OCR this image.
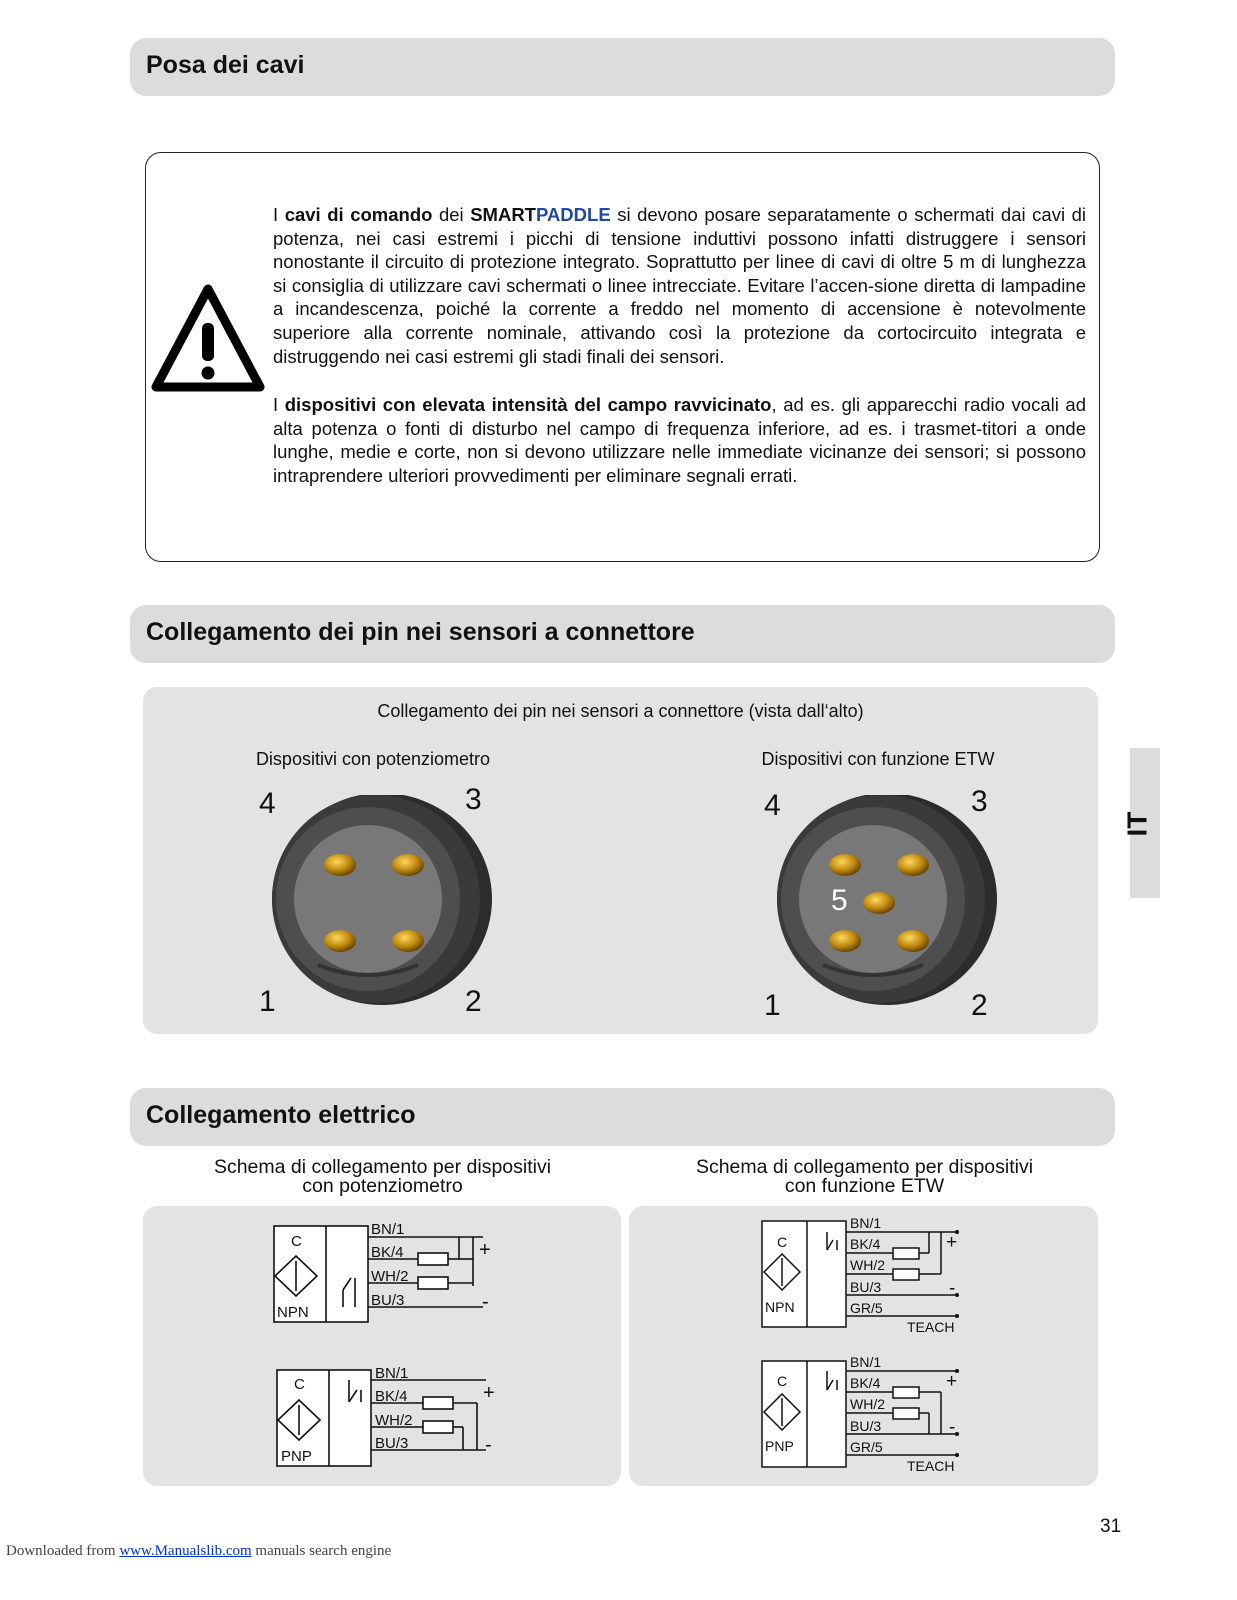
Posa dei cavi
I cavi di comando dei SMARTPADDLE si devono posare separatamente o schermati dai cavi di potenza, nei casi estremi i picchi di tensione induttivi possono infatti distruggere i sensori nonostante il circuito di protezione integrato. Soprattutto per linee di cavi di oltre 5 m di lunghezza si consiglia di utilizzare cavi schermati o linee intrecciate. Evitare l’accen-sione diretta di lampadine a incandescenza, poiché la corrente a freddo nel momento di accensione è notevolmente superiore alla corrente nominale, attivando così la protezione da cortocircuito integrata e distruggendo nei casi estremi gli stadi finali dei sensori.
I dispositivi con elevata intensità del campo ravvicinato, ad es. gli apparecchi radio vocali ad alta potenza o fonti di disturbo nel campo di frequenza inferiore, ad es. i trasmet-titori a onde lunghe, medie e corte, non si devono utilizzare nelle immediate vicinanze dei sensori; si possono intraprendere ulteriori provvedimenti per eliminare segnali errati.
Collegamento dei pin nei sensori a connettore
Collegamento dei pin nei sensori a connettore (vista dall‘alto)
Dispositivi con potenziometro	Dispositivi con funzione ETW
4	3
1	2
4	3
5
1	2
Collegamento elettrico
Schema di collegamento per dispositivi
con potenziometro
Schema di collegamento per dispositivi
con funzione ETW
C
NPN
BN/1
BK/4
WH/2
BU/3
+
-
C
PNP
BN/1
BK/4
WH/2
BU/3
+
-
C
NPN
BN/1
BK/4
WH/2
BU/3
GR/5
+
-
TEACH
C
PNP
BN/1
BK/4
WH/2
BU/3
GR/5
+
-
TEACH
IT
31
Downloaded from www.Manualslib.com manuals search engine
